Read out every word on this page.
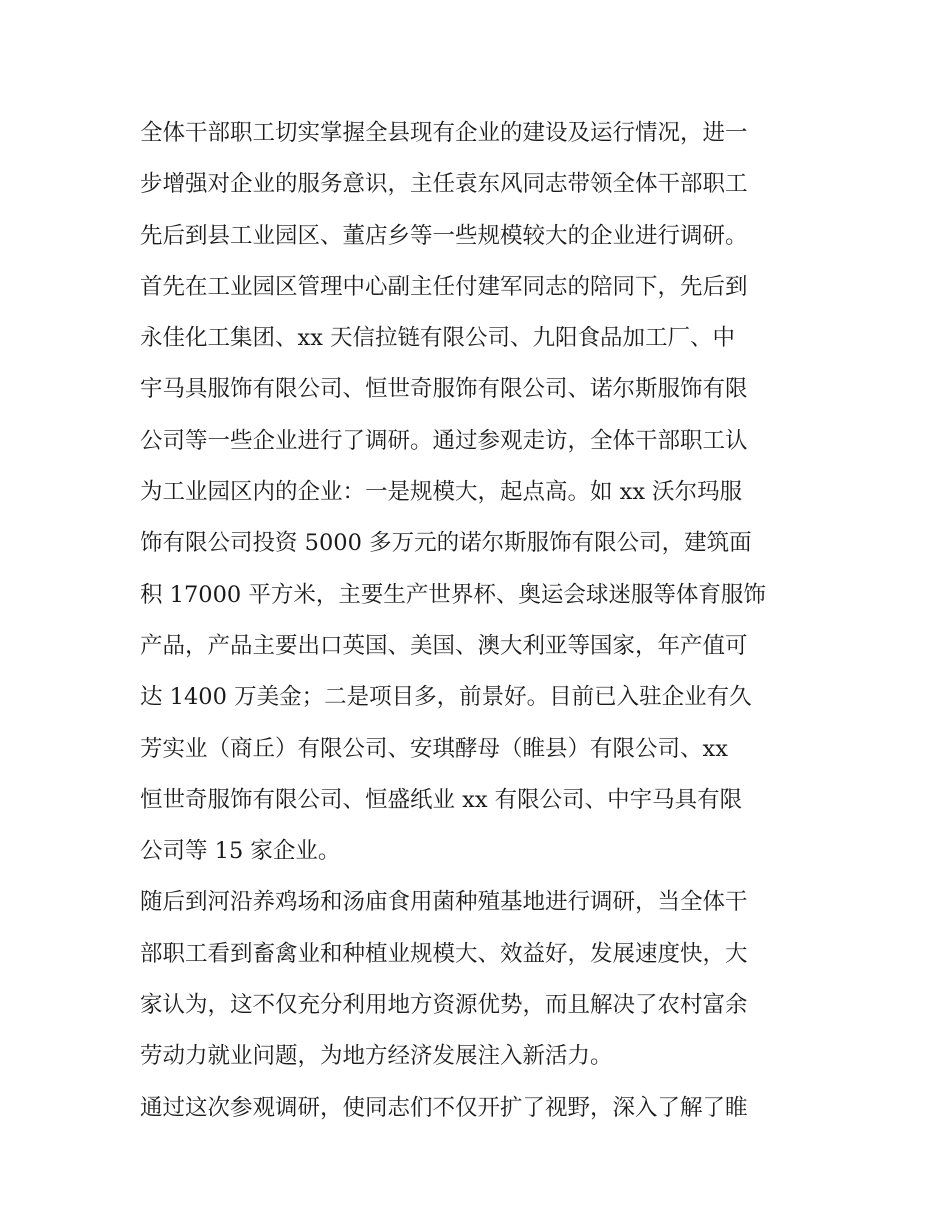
全体干部职工切实掌握全县现有企业的建设及运行情况，进一
步增强对企业的服务意识，主任袁东风同志带领全体干部职工
先后到县工业园区、董店乡等一些规模较大的企业进行调研。
首先在工业园区管理中心副主任付建军同志的陪同下，先后到
永佳化工集团、xx 天信拉链有限公司、九阳食品加工厂、中
宇马具服饰有限公司、恒世奇服饰有限公司、诺尔斯服饰有限
公司等一些企业进行了调研。通过参观走访，全体干部职工认
为工业园区内的企业：一是规模大，起点高。如 xx 沃尔玛服
饰有限公司投资 5000 多万元的诺尔斯服饰有限公司，建筑面
积 17000 平方米，主要生产世界杯、奥运会球迷服等体育服饰
产品，产品主要出口英国、美国、澳大利亚等国家，年产值可
达 1400 万美金；二是项目多，前景好。目前已入驻企业有久
芳实业（商丘）有限公司、安琪酵母（睢县）有限公司、xx
恒世奇服饰有限公司、恒盛纸业 xx 有限公司、中宇马具有限
公司等 15 家企业。
随后到河沿养鸡场和汤庙食用菌种殖基地进行调研，当全体干
部职工看到畜禽业和种植业规模大、效益好，发展速度快，大
家认为，这不仅充分利用地方资源优势，而且解决了农村富余
劳动力就业问题，为地方经济发展注入新活力。
通过这次参观调研，使同志们不仅开扩了视野，深入了解了睢
